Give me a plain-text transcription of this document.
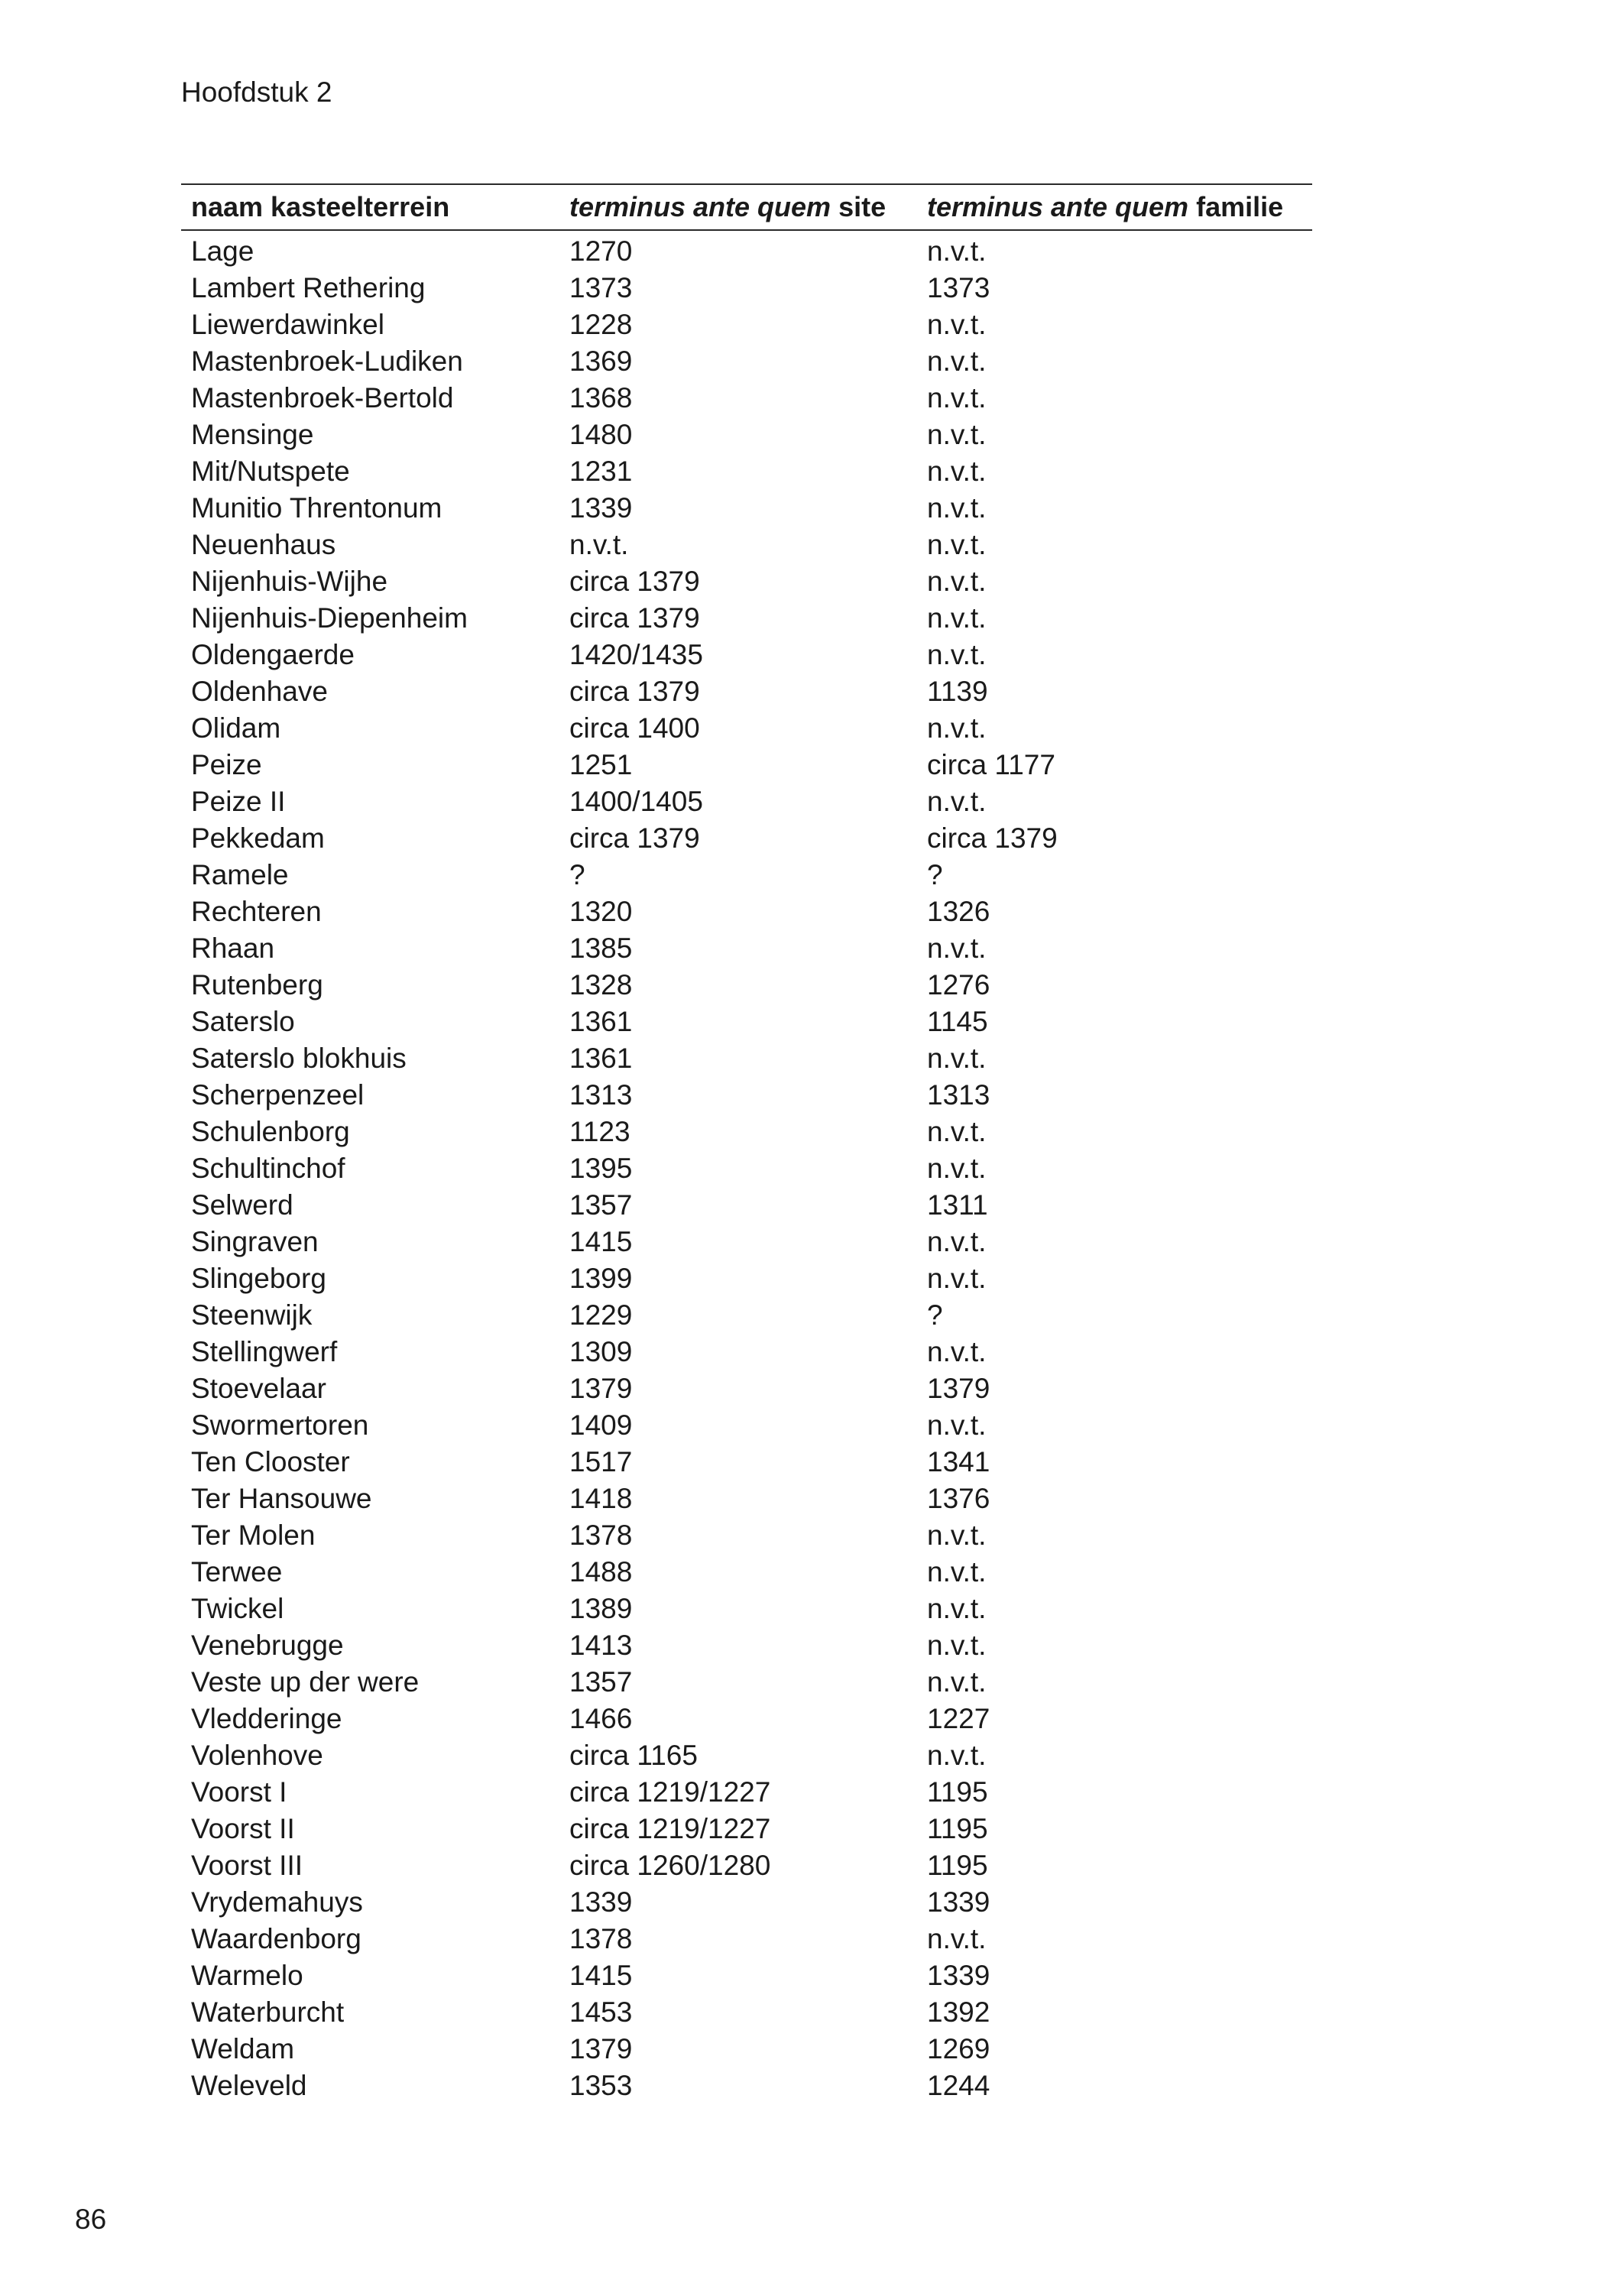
Hoofdstuk 2
naam kasteelterrein	terminus ante quem site	terminus ante quem familie
Lage	1270	n.v.t.
Lambert Rethering	1373	1373
Liewerdawinkel	1228	n.v.t.
Mastenbroek-Ludiken	1369	n.v.t.
Mastenbroek-Bertold	1368	n.v.t.
Mensinge	1480	n.v.t.
Mit/Nutspete	1231	n.v.t.
Munitio Threntonum	1339	n.v.t.
Neuenhaus	n.v.t.	n.v.t.
Nijenhuis-Wijhe	circa 1379	n.v.t.
Nijenhuis-Diepenheim	circa 1379	n.v.t.
Oldengaerde	1420/1435	n.v.t.
Oldenhave	circa 1379	1139
Olidam	circa 1400	n.v.t.
Peize	1251	circa 1177
Peize II	1400/1405	n.v.t.
Pekkedam	circa 1379	circa 1379
Ramele	?	?
Rechteren	1320	1326
Rhaan	1385	n.v.t.
Rutenberg	1328	1276
Saterslo	1361	1145
Saterslo blokhuis	1361	n.v.t.
Scherpenzeel	1313	1313
Schulenborg	1123	n.v.t.
Schultinchof	1395	n.v.t.
Selwerd	1357	1311
Singraven	1415	n.v.t.
Slingeborg	1399	n.v.t.
Steenwijk	1229	?
Stellingwerf	1309	n.v.t.
Stoevelaar	1379	1379
Swormertoren	1409	n.v.t.
Ten Clooster	1517	1341
Ter Hansouwe	1418	1376
Ter Molen	1378	n.v.t.
Terwee	1488	n.v.t.
Twickel	1389	n.v.t.
Venebrugge	1413	n.v.t.
Veste up der were	1357	n.v.t.
Vledderinge	1466	1227
Volenhove	circa 1165	n.v.t.
Voorst I	circa 1219/1227	1195
Voorst II	circa 1219/1227	1195
Voorst III	circa 1260/1280	1195
Vrydemahuys	1339	1339
Waardenborg	1378	n.v.t.
Warmelo	1415	1339
Waterburcht	1453	1392
Weldam	1379	1269
Weleveld	1353	1244
86
